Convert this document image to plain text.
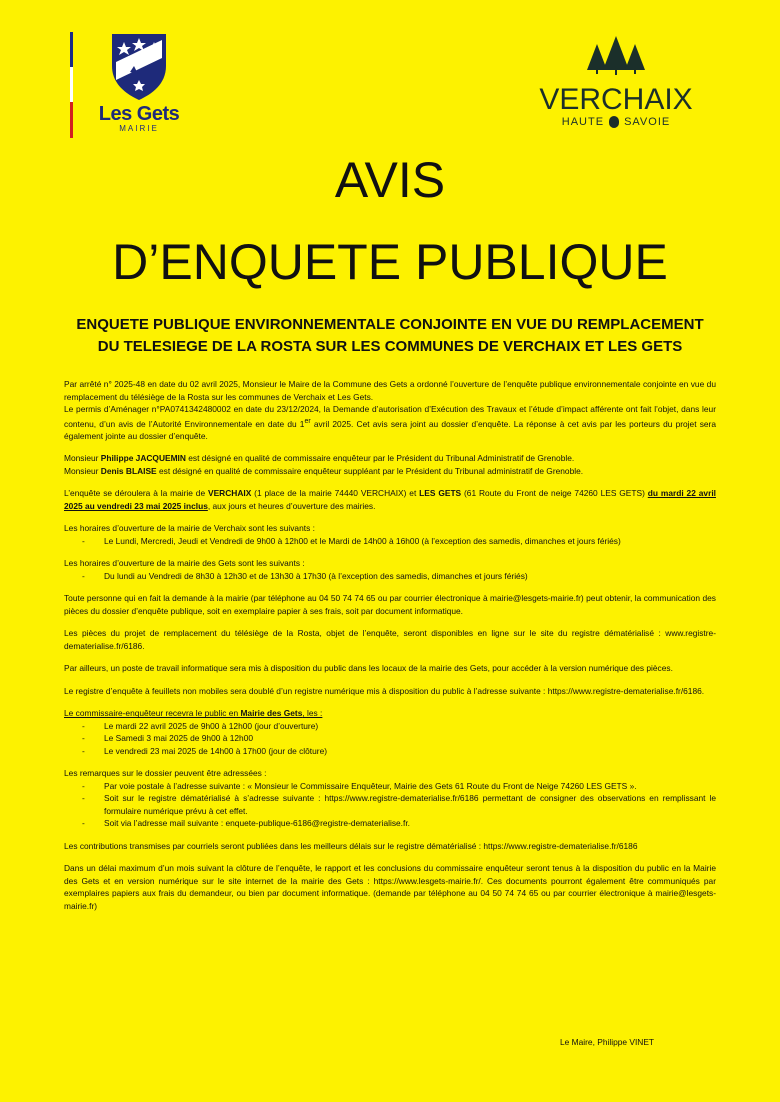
Les Gets
MAIRIE
VERCHAIX
HAUTE SAVOIE
AVIS
D’ENQUETE PUBLIQUE
ENQUETE PUBLIQUE ENVIRONNEMENTALE CONJOINTE EN VUE DU REMPLACEMENT
DU TELESIEGE DE LA ROSTA SUR LES COMMUNES DE VERCHAIX ET LES GETS

Par arrêté n° 2025-48 en date du 02 avril 2025, Monsieur le Maire de la Commune des Gets a ordonné l’ouverture de l’enquête publique environnementale conjointe en vue du remplacement du télésiège de la Rosta sur les communes de Verchaix et Les Gets.
Le permis d’Aménager n°PA0741342480002 en date du 23/12/2024, la Demande d’autorisation d’Exécution des Travaux et l’étude d’impact afférente ont fait l’objet, dans leur contenu, d’un avis de l’Autorité Environnementale en date du 1er avril 2025. Cet avis sera joint au dossier d’enquête. La réponse à cet avis par les porteurs du projet sera également jointe au dossier d’enquête.

Monsieur Philippe JACQUEMIN est désigné en qualité de commissaire enquêteur par le Président du Tribunal Administratif de Grenoble.
Monsieur Denis BLAISE est désigné en qualité de commissaire enquêteur suppléant par le Président du Tribunal administratif de Grenoble.

L’enquête se déroulera à la mairie de VERCHAIX (1 place de la mairie 74440 VERCHAIX) et LES GETS (61 Route du Front de neige 74260 LES GETS) du mardi 22 avril 2025 au vendredi 23 mai 2025 inclus, aux jours et heures d’ouverture des mairies.

Les horaires d’ouverture de la mairie de Verchaix sont les suivants :
- Le Lundi, Mercredi, Jeudi et Vendredi de 9h00 à 12h00 et le Mardi de 14h00 à 16h00 (à l’exception des samedis, dimanches et jours fériés)
Les horaires d’ouverture de la mairie des Gets sont les suivants :
- Du lundi au Vendredi de 8h30 à 12h30 et de 13h30 à 17h30 (à l’exception des samedis, dimanches et jours fériés)

Toute personne qui en fait la demande à la mairie (par téléphone au 04 50 74 74 65 ou par courrier électronique à mairie@lesgets-mairie.fr) peut obtenir, la communication des pièces du dossier d’enquête publique, soit en exemplaire papier à ses frais, soit par document informatique.

Les pièces du projet de remplacement du télésiège de la Rosta, objet de l’enquête, seront disponibles en ligne sur le site du registre dématérialisé : www.registre-dematerialise.fr/6186.

Par ailleurs, un poste de travail informatique sera mis à disposition du public dans les locaux de la mairie des Gets, pour accéder à la version numérique des pièces.

Le registre d’enquête à feuillets non mobiles sera doublé d’un registre numérique mis à disposition du public à l’adresse suivante : https://www.registre-dematerialise.fr/6186.

Le commissaire-enquêteur recevra le public en Mairie des Gets, les :
- Le mardi 22 avril 2025 de 9h00 à 12h00 (jour d’ouverture)
- Le Samedi 3 mai 2025 de 9h00 à 12h00
- Le vendredi 23 mai 2025 de 14h00 à 17h00 (jour de clôture)
Les remarques sur le dossier peuvent être adressées :
- Par voie postale à l’adresse suivante : « Monsieur le Commissaire Enquêteur, Mairie des Gets 61 Route du Front de Neige 74260 LES GETS ».
- Soit sur le registre dématérialisé à s’adresse suivante : https://www.registre-dematerialise.fr/6186 permettant de consigner des observations en remplissant le formulaire numérique prévu à cet effet.
- Soit via l’adresse mail suivante : enquete-publique-6186@registre-dematerialise.fr.

Les contributions transmises par courriels seront publiées dans les meilleurs délais sur le registre dématérialisé : https://www.registre-dematerialise.fr/6186

Dans un délai maximum d’un mois suivant la clôture de l’enquête, le rapport et les conclusions du commissaire enquêteur seront tenus à la disposition du public en la Mairie des Gets et en version numérique sur le site internet de la mairie des Gets : https://www.lesgets-mairie.fr/. Ces documents pourront également être communiqués par exemplaires papiers aux frais du demandeur, ou bien par document informatique. (demande par téléphone au 04 50 74 74 65 ou par courrier électronique à mairie@lesgets-mairie.fr)

Le Maire, Philippe VINET
